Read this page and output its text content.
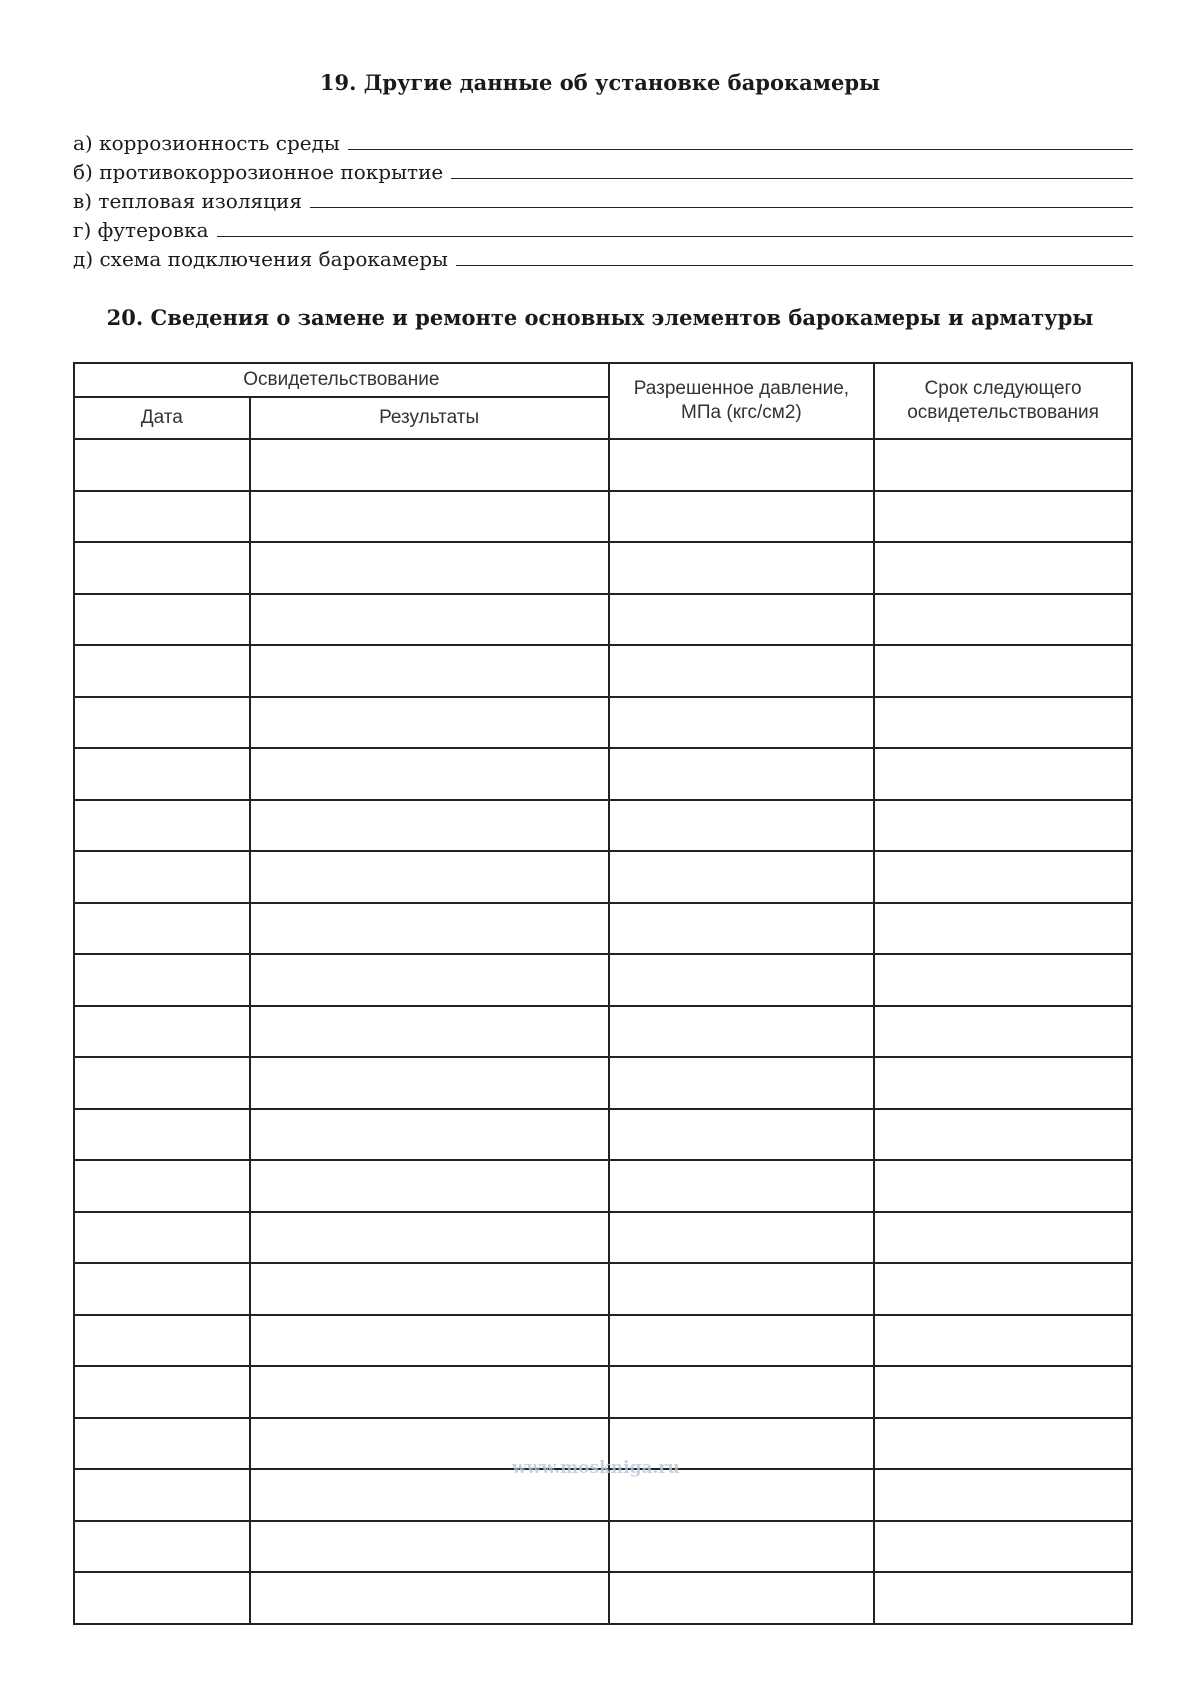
19. Другие данные об установке барокамеры
а) коррозионность среды
б) противокоррозионное покрытие
в) тепловая изоляция
г) футеровка
д) схема подключения барокамеры
20. Сведения о замене и ремонте основных элементов барокамеры и арматуры
Освидетельствование		Разрешенное давление, МПа (кгс/см2)	Срок следующего освидетельствования
Дата	Результаты		

www.mosknigа.ru
